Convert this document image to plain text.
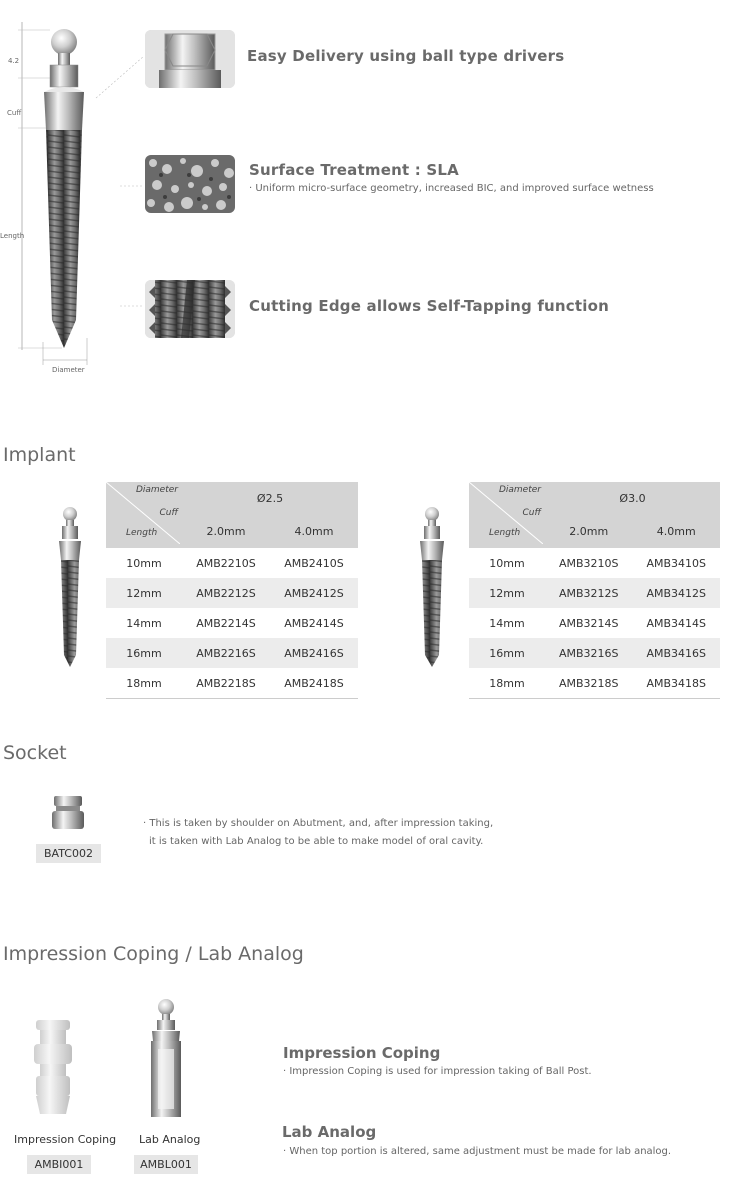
4.2
Cuff
Length
Diameter
Easy Delivery using ball type drivers
Surface Treatment : SLA
· Uniform micro-surface geometry, increased BIC, and improved surface wetness
Cutting Edge allows Self-Tapping function
Implant
Diameter
Cuff
Length	Ø2.5	
	2.0mm	4.0mm
10mm	AMB2210S	AMB2410S
12mm	AMB2212S	AMB2412S
14mm	AMB2214S	AMB2414S
16mm	AMB2216S	AMB2416S
18mm	AMB2218S	AMB2418S
Diameter
Cuff
Length	Ø3.0	
	2.0mm	4.0mm
10mm	AMB3210S	AMB3410S
12mm	AMB3212S	AMB3412S
14mm	AMB3214S	AMB3414S
16mm	AMB3216S	AMB3416S
18mm	AMB3218S	AMB3418S
Socket
BATC002
· This is taken by shoulder on Abutment, and, after impression taking,
it is taken with Lab Analog to be able to make model of oral cavity.
Impression Coping / Lab Analog
Impression Coping
AMBI001
Lab Analog
AMBL001
Impression Coping
· Impression Coping is used for impression taking of Ball Post.
Lab Analog
· When top portion is altered, same adjustment must be made for lab analog.
